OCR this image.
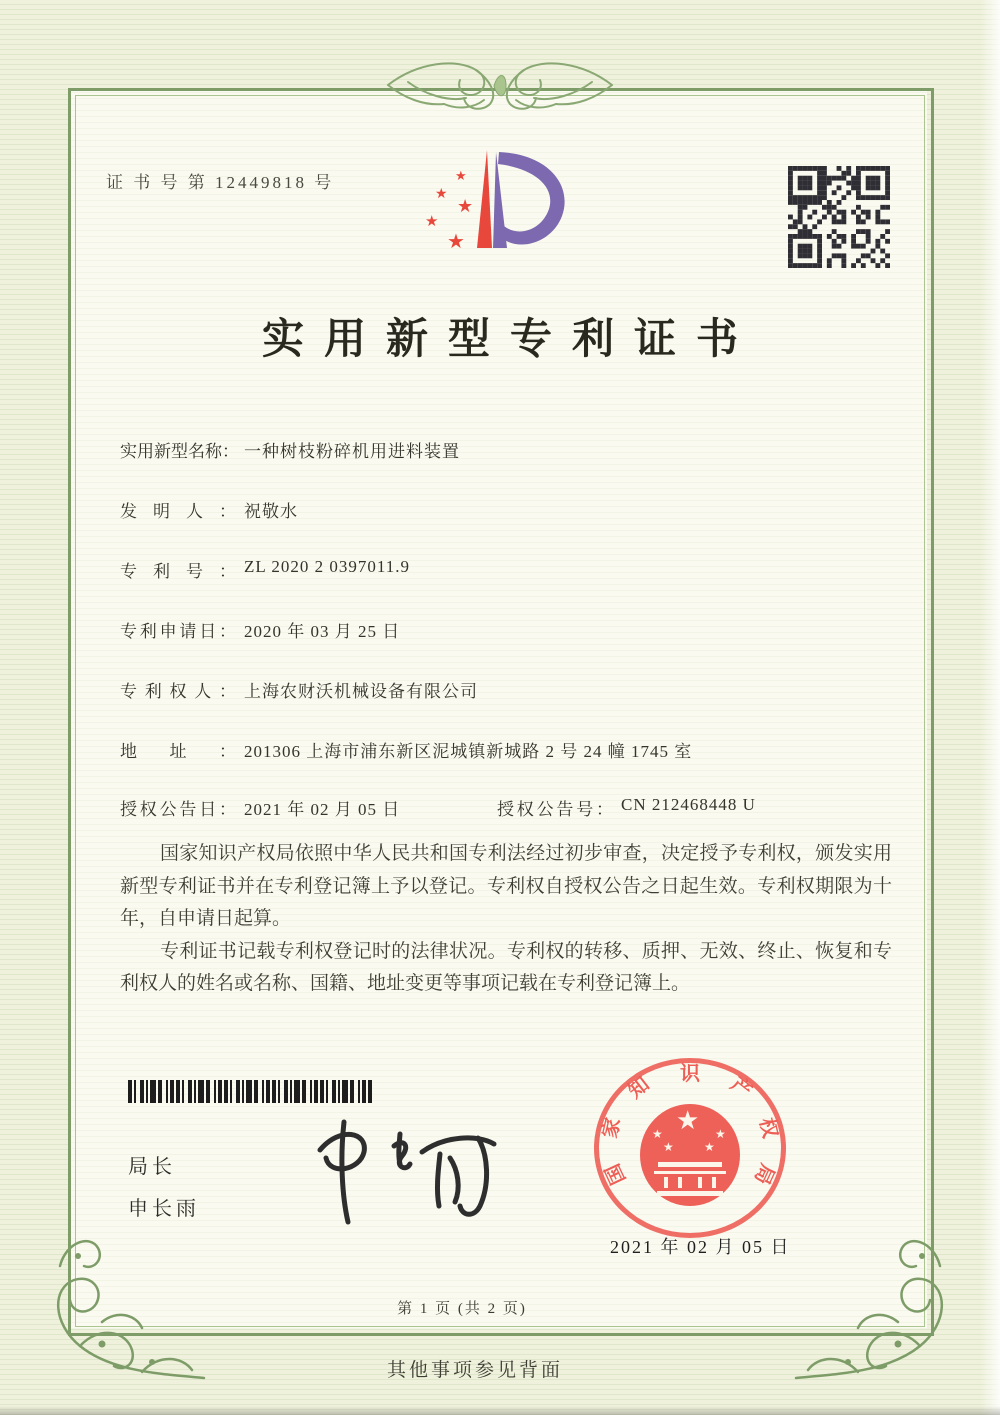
证 书 号 第 12449818 号	★
★
★
★
★
实用新型专利证书
实用新型名称： 一种树枝粉碎机用进料装置
发明人： 祝敬水
专利号： ZL 2020 2 0397011.9
专利申请日： 2020 年 03 月 25 日
专利权人： 上海农财沃机械设备有限公司
地址： 201306 上海市浦东新区泥城镇新城路 2 号 24 幢 1745 室
授权公告日： 2021 年 02 月 05 日	授权公告号： CN 212468448 U

国家知识产权局依照中华人民共和国专利法经过初步审查，决定授予专利权，颁发实用新型专利证书并在专利登记簿上予以登记。专利权自授权公告之日起生效。专利权期限为十年，自申请日起算。

专利证书记载专利权登记时的法律状况。专利权的转移、质押、无效、终止、恢复和专利权人的姓名或名称、国籍、地址变更等事项记载在专利登记簿上。

局长
申长雨
国
家
知 识 产
权
局
★
★
★	★
★
2021 年 02 月 05 日
第 1 页 (共 2 页)
其他事项参见背面
